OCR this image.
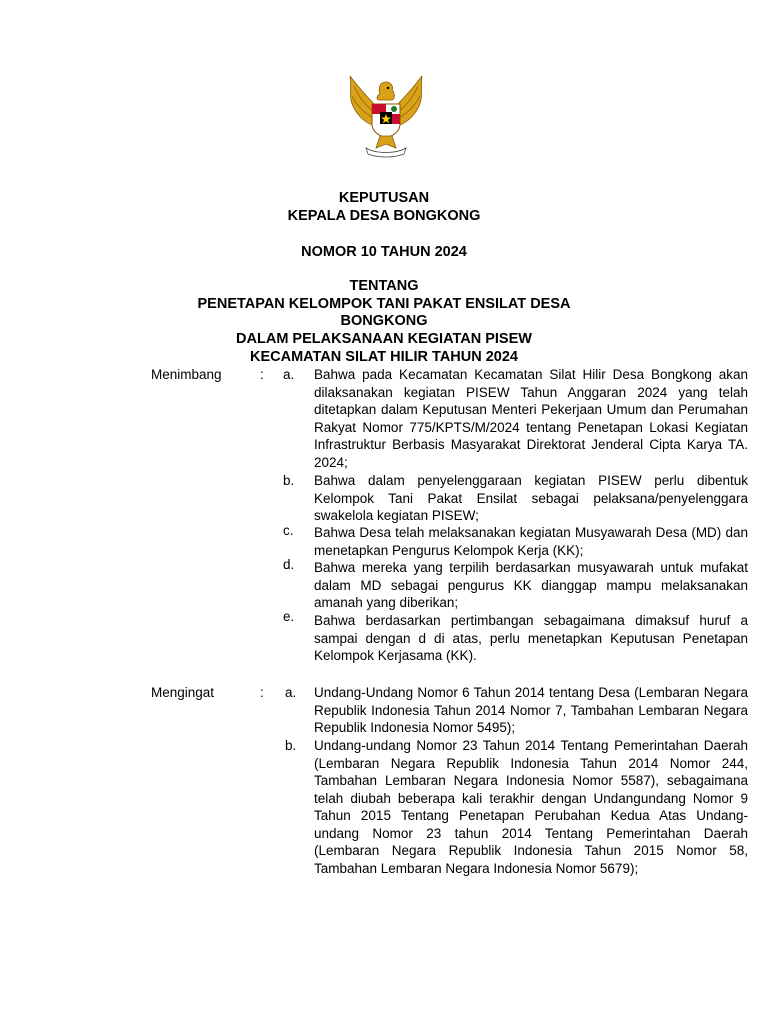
KEPUTUSAN
KEPALA DESA BONGKONG
NOMOR 10 TAHUN 2024
TENTANG
PENETAPAN KELOMPOK TANI PAKAT ENSILAT DESA
BONGKONG
DALAM PELAKSANAAN KEGIATAN PISEW
KECAMATAN SILAT HILIR TAHUN 2024
Menimbang	: a. Bahwa pada Kecamatan Kecamatan Silat Hilir Desa Bongkong akan dilaksanakan kegiatan PISEW Tahun Anggaran 2024 yang telah ditetapkan dalam Keputusan Menteri Pekerjaan Umum dan Perumahan Rakyat Nomor 775/KPTS/M/2024 tentang Penetapan Lokasi Kegiatan Infrastruktur Berbasis Masyarakat Direktorat Jenderal Cipta Karya TA. 2024;

b. Bahwa dalam penyelenggaraan kegiatan PISEW perlu dibentuk Kelompok Tani Pakat Ensilat sebagai pelaksana/penyelenggara swakelola kegiatan PISEW;

c. Bahwa Desa telah melaksanakan kegiatan Musyawarah Desa (MD) dan menetapkan Pengurus Kelompok Kerja (KK);

d. Bahwa mereka yang terpilih berdasarkan musyawarah untuk mufakat dalam MD sebagai pengurus KK dianggap mampu melaksanakan amanah yang diberikan;

e. Bahwa berdasarkan pertimbangan sebagaimana dimaksuf huruf a sampai dengan d di atas, perlu menetapkan Keputusan Penetapan Kelompok Kerjasama (KK).

Mengingat	: a. Undang-Undang Nomor 6 Tahun 2014 tentang Desa (Lembaran Negara Republik Indonesia Tahun 2014 Nomor 7, Tambahan Lembaran Negara Republik Indonesia Nomor 5495);

b. Undang-undang Nomor 23 Tahun 2014 Tentang Pemerintahan Daerah (Lembaran Negara Republik Indonesia Tahun 2014 Nomor 244, Tambahan Lembaran Negara Indonesia Nomor 5587), sebagaimana telah diubah beberapa kali terakhir dengan Undangundang Nomor 9 Tahun 2015 Tentang Penetapan Perubahan Kedua Atas Undang-undang Nomor 23 tahun 2014 Tentang Pemerintahan Daerah (Lembaran Negara Republik Indonesia Tahun 2015 Nomor 58, Tambahan Lembaran Negara Indonesia Nomor 5679);
